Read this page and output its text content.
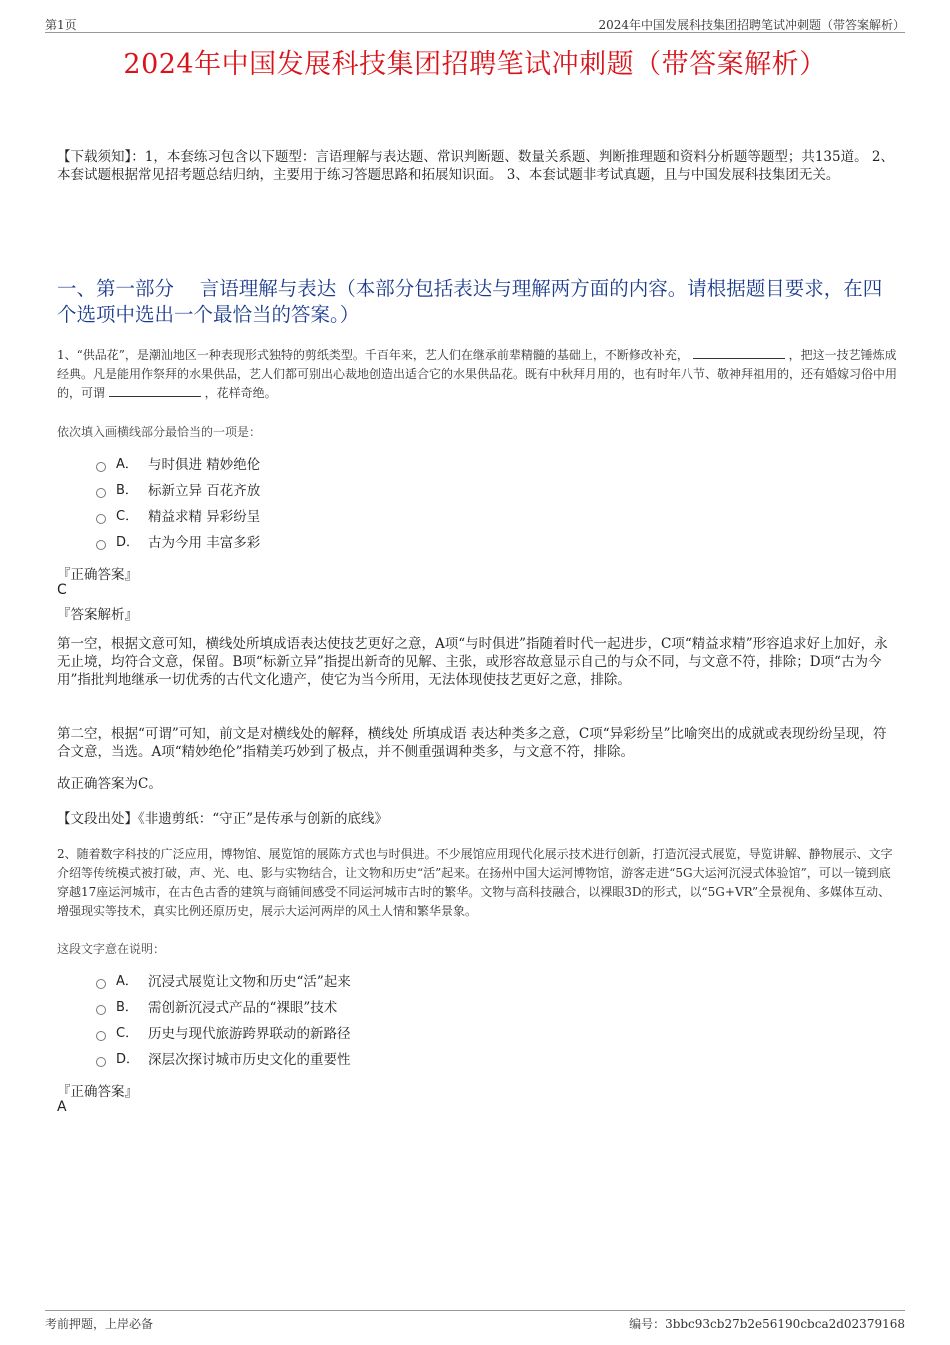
第1页	2024年中国发展科技集团招聘笔试冲刺题（带答案解析）
2024年中国发展科技集团招聘笔试冲刺题（带答案解析）
【下载须知】：1，本套练习包含以下题型：言语理解与表达题、常识判断题、数量关系题、判断推理题和资料分析题等题型；共135道。 2、本套试题根据常见招考题总结归纳，主要用于练习答题思路和拓展知识面。 3、本套试题非考试真题，且与中国发展科技集团无关。
一、第一部分　 言语理解与表达（本部分包括表达与理解两方面的内容。请根据题目要求，在四个选项中选出一个最恰当的答案。）
1、“供品花”，是潮汕地区一种表现形式独特的剪纸类型。千百年来，艺人们在继承前辈精髓的基础上，不断修改补充，	，把这一技艺锤炼成经典。凡是能用作祭拜的水果供品，艺人们都可别出心裁地创造出适合它的水果供品花。既有中秋拜月用的，也有时年八节、敬神拜祖用的，还有婚嫁习俗中用的，可谓	，花样奇绝。
依次填入画横线部分最恰当的一项是：
A． 与时俱进 精妙绝伦
B． 标新立异 百花齐放
C． 精益求精 异彩纷呈
D． 古为今用 丰富多彩
『正确答案』
C
『答案解析』
第一空，根据文意可知，横线处所填成语表达使技艺更好之意，A项“与时俱进”指随着时代一起进步，C项“精益求精”形容追求好上加好，永无止境，均符合文意，保留。B项“标新立异”指提出新奇的见解、主张，或形容故意显示自己的与众不同，与文意不符，排除；D项“古为今用”指批判地继承一切优秀的古代文化遗产，使它为当今所用，无法体现使技艺更好之意，排除。
第二空，根据“可谓”可知，前文是对横线处的解释，横线处 所填成语 表达种类多之意，C项“异彩纷呈”比喻突出的成就或表现纷纷呈现，符合文意，当选。A项“精妙绝伦”指精美巧妙到了极点，并不侧重强调种类多，与文意不符，排除。
故正确答案为C。
【文段出处】《非遗剪纸：“守正”是传承与创新的底线》
2、随着数字科技的广泛应用，博物馆、展览馆的展陈方式也与时俱进。不少展馆应用现代化展示技术进行创新，打造沉浸式展览，导览讲解、静物展示、文字介绍等传统模式被打破，声、光、电、影与实物结合，让文物和历史“活”起来。在扬州中国大运河博物馆，游客走进“5G大运河沉浸式体验馆”，可以一镜到底穿越17座运河城市，在古色古香的建筑与商铺间感受不同运河城市古时的繁华。文物与高科技融合，以裸眼3D的形式，以“5G+VR”全景视角、多媒体互动、增强现实等技术，真实比例还原历史，展示大运河两岸的风土人情和繁华景象。
这段文字意在说明：
A． 沉浸式展览让文物和历史“活”起来
B． 需创新沉浸式产品的“裸眼”技术
C． 历史与现代旅游跨界联动的新路径
D． 深层次探讨城市历史文化的重要性
『正确答案』
A
考前押题，上岸必备	编号：3bbc93cb27b2e56190cbca2d02379168
